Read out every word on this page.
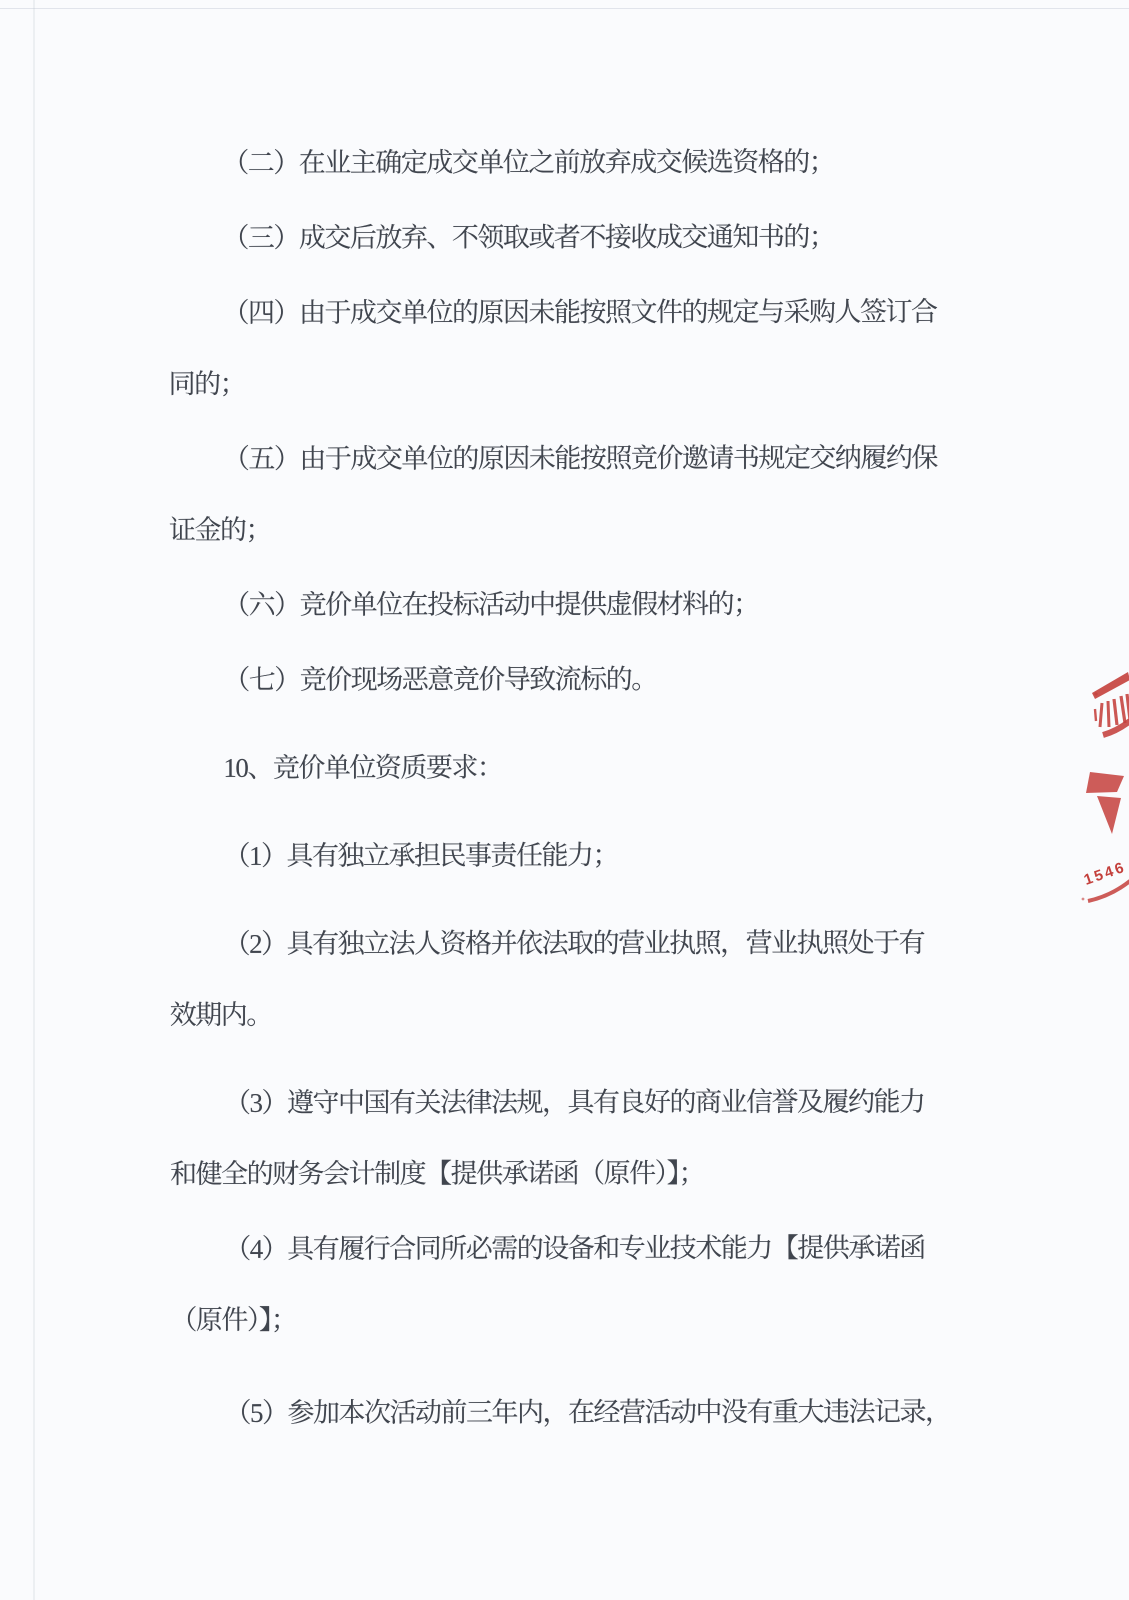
（二）在业主确定成交单位之前放弃成交候选资格的；
（三）成交后放弃、不领取或者不接收成交通知书的；
（四）由于成交单位的原因未能按照文件的规定与采购人签订合
同的；
（五）由于成交单位的原因未能按照竞价邀请书规定交纳履约保
证金的；
（六）竞价单位在投标活动中提供虚假材料的；
（七）竞价现场恶意竞价导致流标的。
10、竞价单位资质要求：
（1）具有独立承担民事责任能力；
（2）具有独立法人资格并依法取的营业执照，营业执照处于有
效期内。
（3）遵守中国有关法律法规，具有良好的商业信誉及履约能力
和健全的财务会计制度【提供承诺函（原件）】；
（4）具有履行合同所必需的设备和专业技术能力【提供承诺函
（原件）】；
（5）参加本次活动前三年内，在经营活动中没有重大违法记录，
1546
